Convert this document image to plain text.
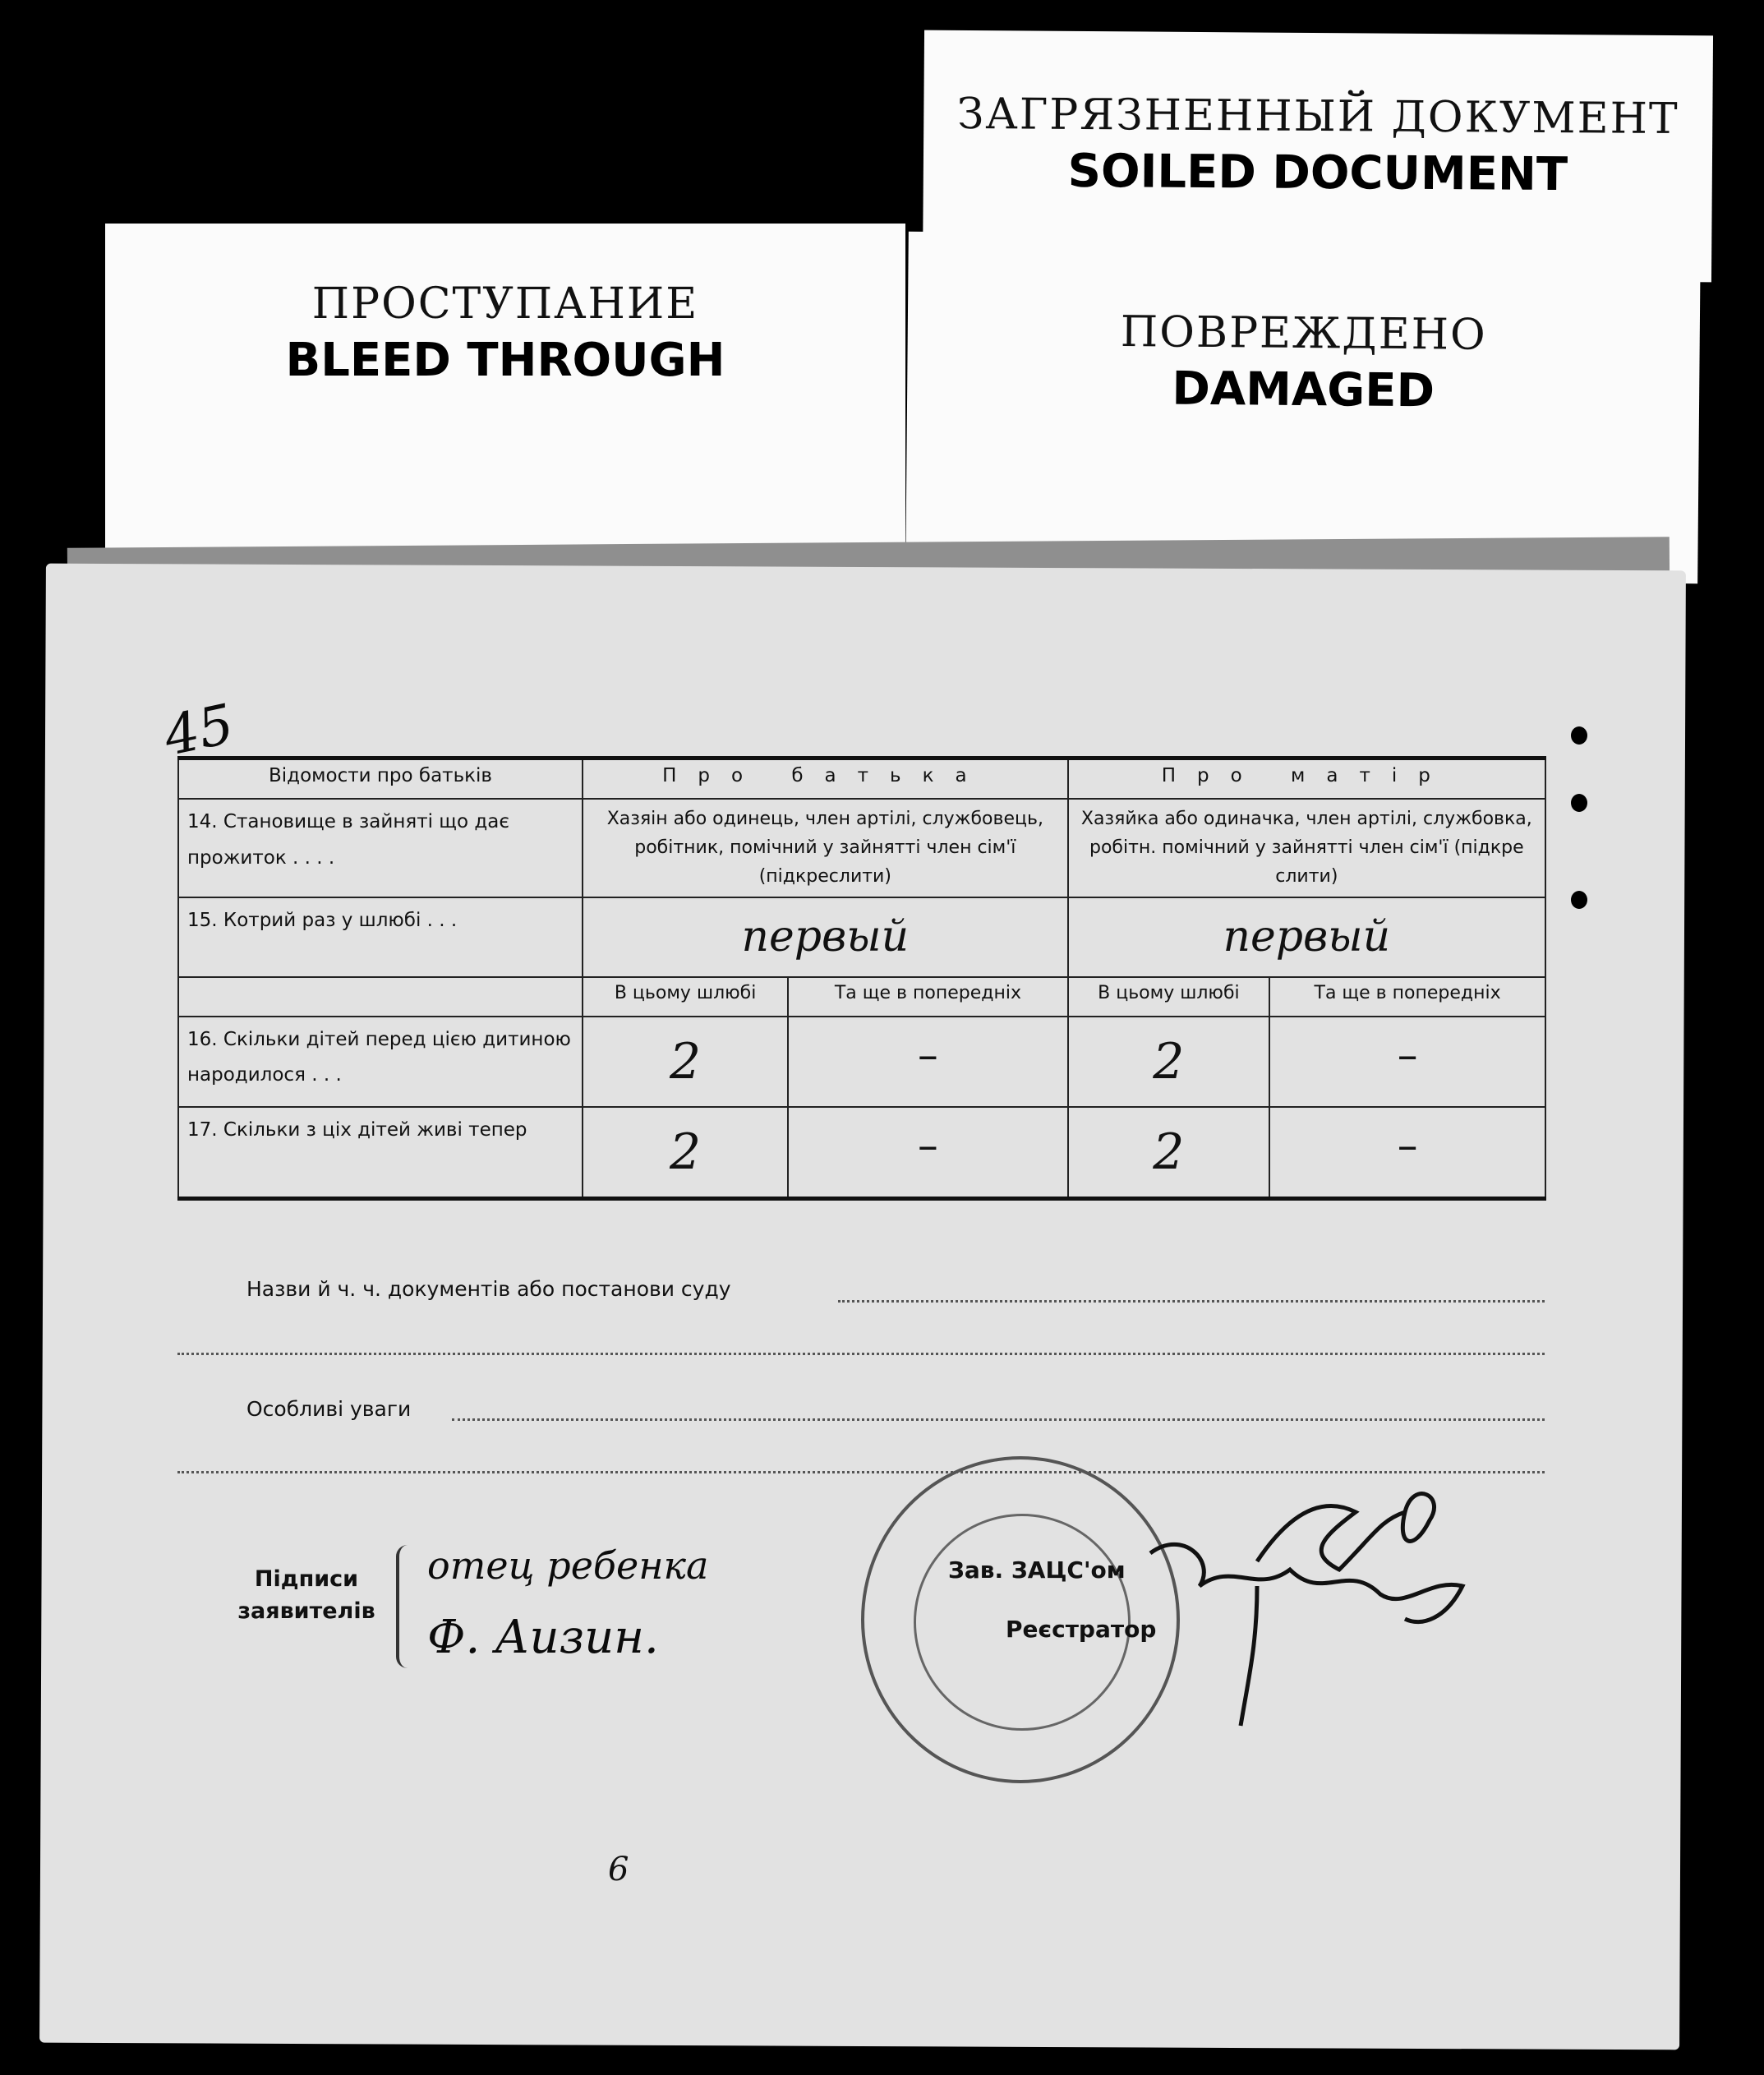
ЗАГРЯЗНЕННЫЙ ДОКУМЕНТ
SOILED DOCUMENT
ПРОСТУПАНИЕ
BLEED THROUGH	ПОВРЕЖДЕНО
DAMAGED
45
Відомости про батьків	Про батька		Про матір	
14. Становище в зайняті що дає прожиток . . . .	Хазяін або одинець, член артілі, службовець, робітник, помічний у зайнятті член сім'ї (підкреслити)		Хазяйка або одиначка, член артілі, службовка, робітн. помічний у зайнятті член сім'ї (підкре слити)	
15. Котрий раз у шлюбі . . .	первый		первый	
	В цьому шлюбі	Та ще в попередніх	В цьому шлюбі	Та ще в попередніх
16. Скільки дітей перед цією дитиною народилося . . .	2	–	2	–
17. Скільки з ціх дітей живі тепер	2	–	2	–
Назви й ч. ч. документів або постанови суду
Особливі уваги
Підписи
заявителів
отец ребенка
Ф. Аизин.
Зав. ЗАЦС'ом
Реєстратор
6
